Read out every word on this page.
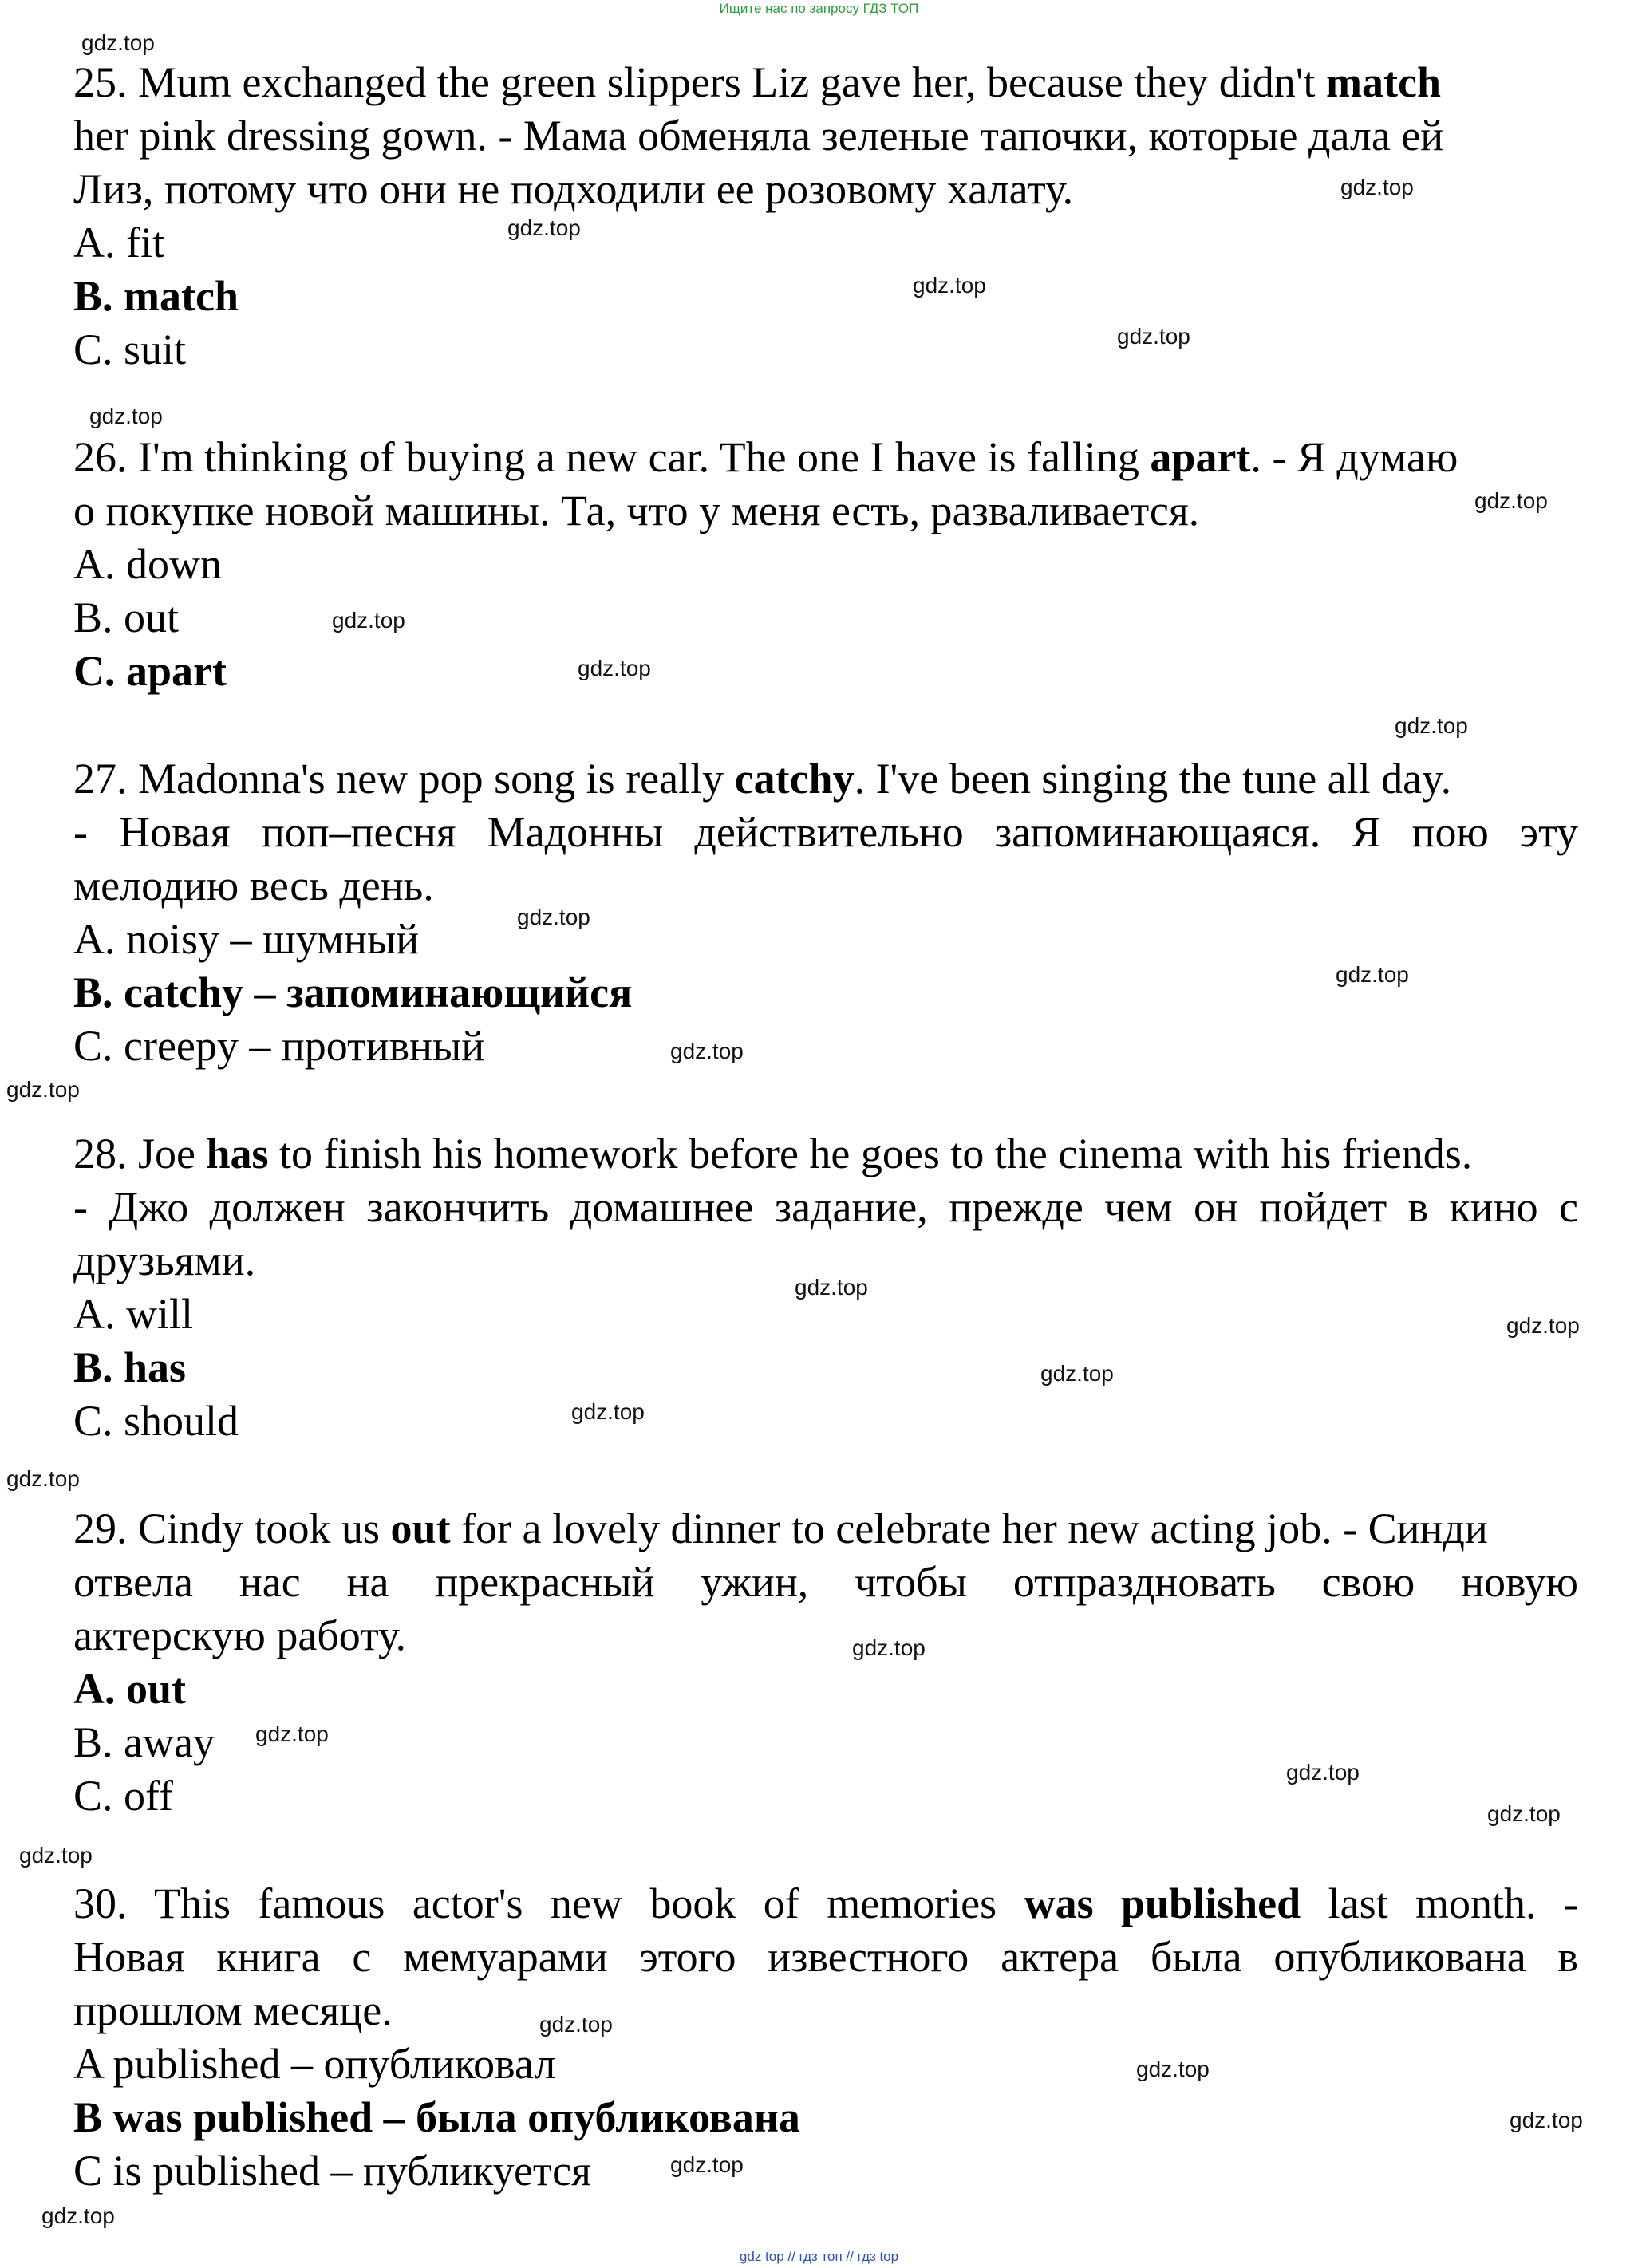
Ищите нас по запросу ГДЗ ТОП
25. Mum exchanged the green slippers Liz gave her, because they didn't match
her pink dressing gown. - Мама обменяла зеленые тапочки, которые дала ей
Лиз, потому что они не подходили ее розовому халату.
A. fit
B. match
C. suit
26. I'm thinking of buying a new car. The one I have is falling apart. - Я думаю
о покупке новой машины. Та, что у меня есть, разваливается.
A. down
B. out
C. apart
27. Madonna's new pop song is really catchy. I've been singing the tune all day.
- Новая поп–песня Мадонны действительно запоминающаяся. Я пою эту
мелодию весь день.
A. noisy – шумный
B. catchy – запоминающийся
C. creepy – противный
28. Joe has to finish his homework before he goes to the cinema with his friends.
- Джо должен закончить домашнее задание, прежде чем он пойдет в кино с
друзьями.
A. will
B. has
C. should
29. Cindy took us out for a lovely dinner to celebrate her new acting job. - Синди
отвела нас на прекрасный ужин, чтобы отпраздновать свою новую
актерскую работу.
A. out
B. away
C. off
30. This famous actor's new book of memories was published last month. -
Новая книга с мемуарами этого известного актера была опубликована в
прошлом месяце.
A published – опубликовал
B was published – была опубликована
C is published – публикуется
gdz.top
gdz.top
gdz.top
gdz.top
gdz.top
gdz.top
gdz.top
gdz.top
gdz.top
gdz.top
gdz.top
gdz.top
gdz.top
gdz.top
gdz.top
gdz.top
gdz.top
gdz.top
gdz.top
gdz.top
gdz.top
gdz.top
gdz.top
gdz.top
gdz.top
gdz.top
gdz.top
gdz.top
gdz.top
gdz top // гдз топ // гдз top
